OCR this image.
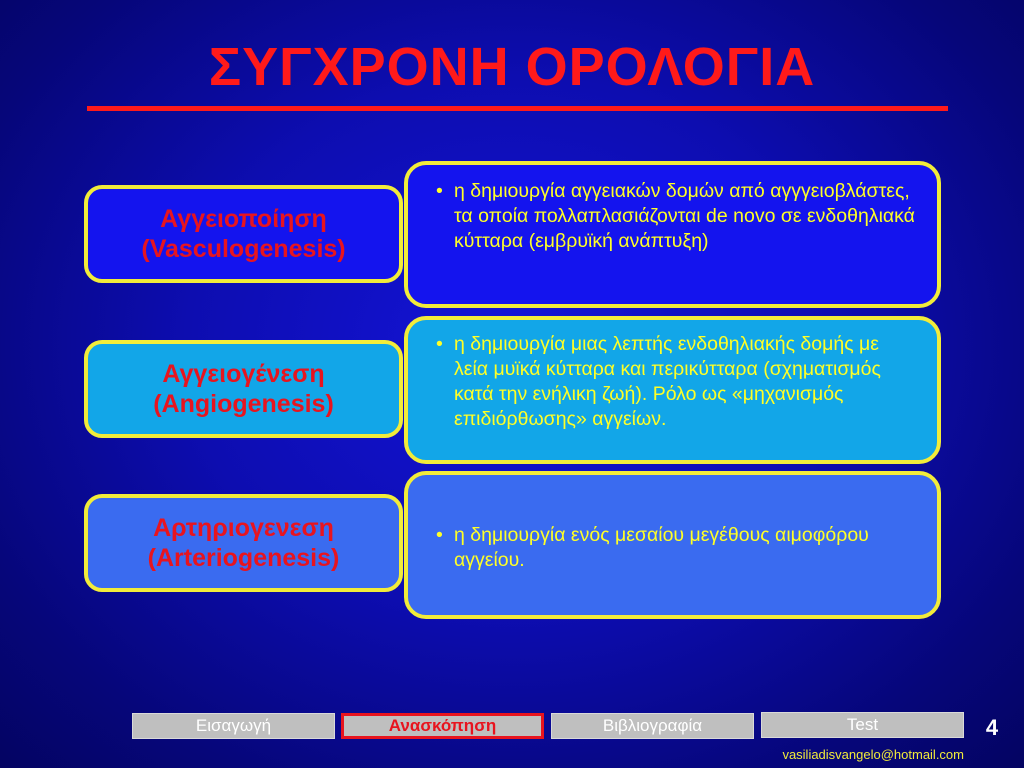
ΣΥΓΧΡΟΝΗ ΟΡΟΛΟΓΙΑ
Αγγειοποίηση
(Vasculogenesis)
• η δημιουργία αγγειακών δομών από αγγγειοβλάστες, τα οποία πολλαπλασιάζονται de novo σε ενδοθηλιακά κύτταρα (εμβρυϊκή ανάπτυξη)
Αγγειογένεση
(Angiogenesis)
• η δημιουργία μιας λεπτής ενδοθηλιακής δομής με λεία μυϊκά κύτταρα και περικύτταρα (σχηματισμός κατά την ενήλικη ζωή). Ρόλο ως «μηχανισμός επιδιόρθωσης» αγγείων.
Αρτηριογενεση
(Arteriogenesis)
• η δημιουργία ενός μεσαίου μεγέθους αιμοφόρου αγγείου.
Εισαγωγή	Ανασκόπηση	Βιβλιογραφία	Test	4
vasiliadisvangelo@hotmail.com
